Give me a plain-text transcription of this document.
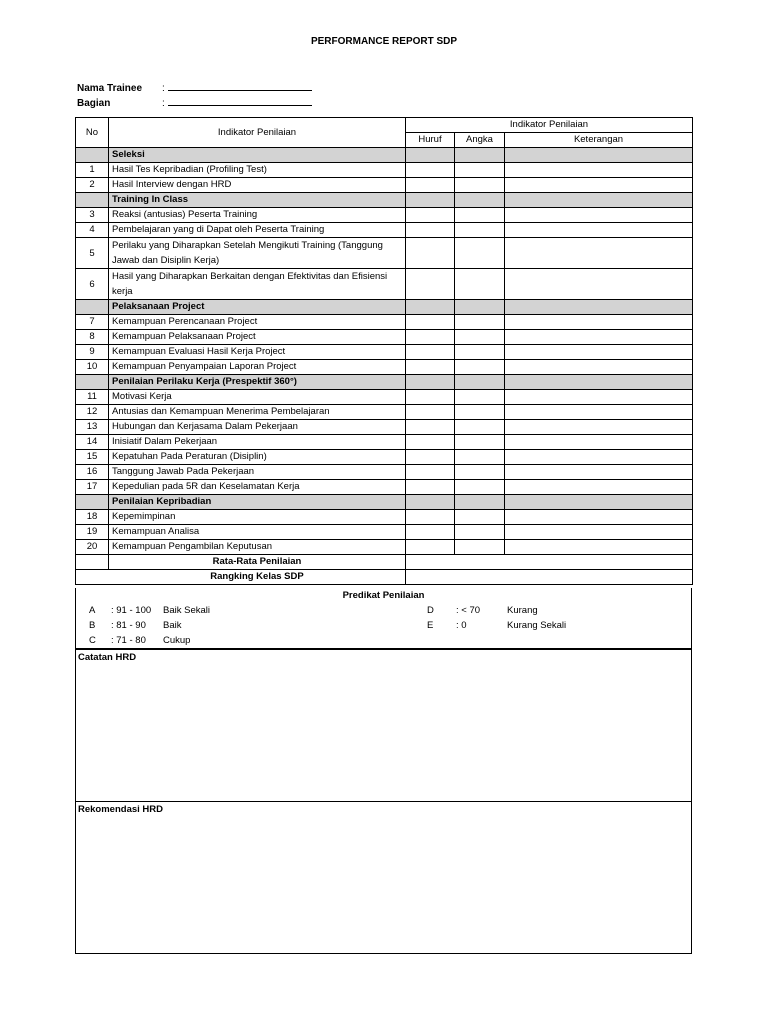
PERFORMANCE REPORT SDP
Nama Trainee :
Bagian	:
No	Indikator Penilaian	Indikator Penilaian		
		Huruf	Angka	Keterangan
	Seleksi			
1	Hasil Tes Kepribadian (Profiling Test)			
2	Hasil Interview dengan HRD			
	Training In Class			
3	Reaksi (antusias) Peserta Training			
4	Pembelajaran yang di Dapat oleh Peserta Training			
5	Perilaku yang Diharapkan Setelah Mengikuti Training (Tanggung Jawab dan Disiplin Kerja)			
6	Hasil yang Diharapkan Berkaitan dengan Efektivitas dan Efisiensi kerja			
	Pelaksanaan Project			
7	Kemampuan Perencanaan Project			
8	Kemampuan Pelaksanaan Project			
9	Kemampuan Evaluasi Hasil Kerja Project			
10	Kemampuan Penyampaian Laporan Project			
	Penilaian Perilaku Kerja (Prespektif 360°)			
11	Motivasi Kerja			
12	Antusias dan Kemampuan Menerima Pembelajaran			
13	Hubungan dan Kerjasama Dalam Pekerjaan			
14	Inisiatif Dalam Pekerjaan			
15	Kepatuhan Pada Peraturan (Disiplin)			
16	Tanggung Jawab Pada Pekerjaan			
17	Kepedulian pada 5R dan Keselamatan Kerja			
	Penilaian Kepribadian			
18	Kepemimpinan			
19	Kemampuan Analisa			
20	Kemampuan Pengambilan Keputusan			
	Rata-Rata Penilaian			
Rangking Kelas SDP				
Predikat Penilaian
A : 91 - 100 Baik Sekali
B : 81 - 90 Baik
C : 71 - 80 Cukup
D : < 70	Kurang
E : 0	Kurang Sekali
Catatan HRD
Rekomendasi HRD
